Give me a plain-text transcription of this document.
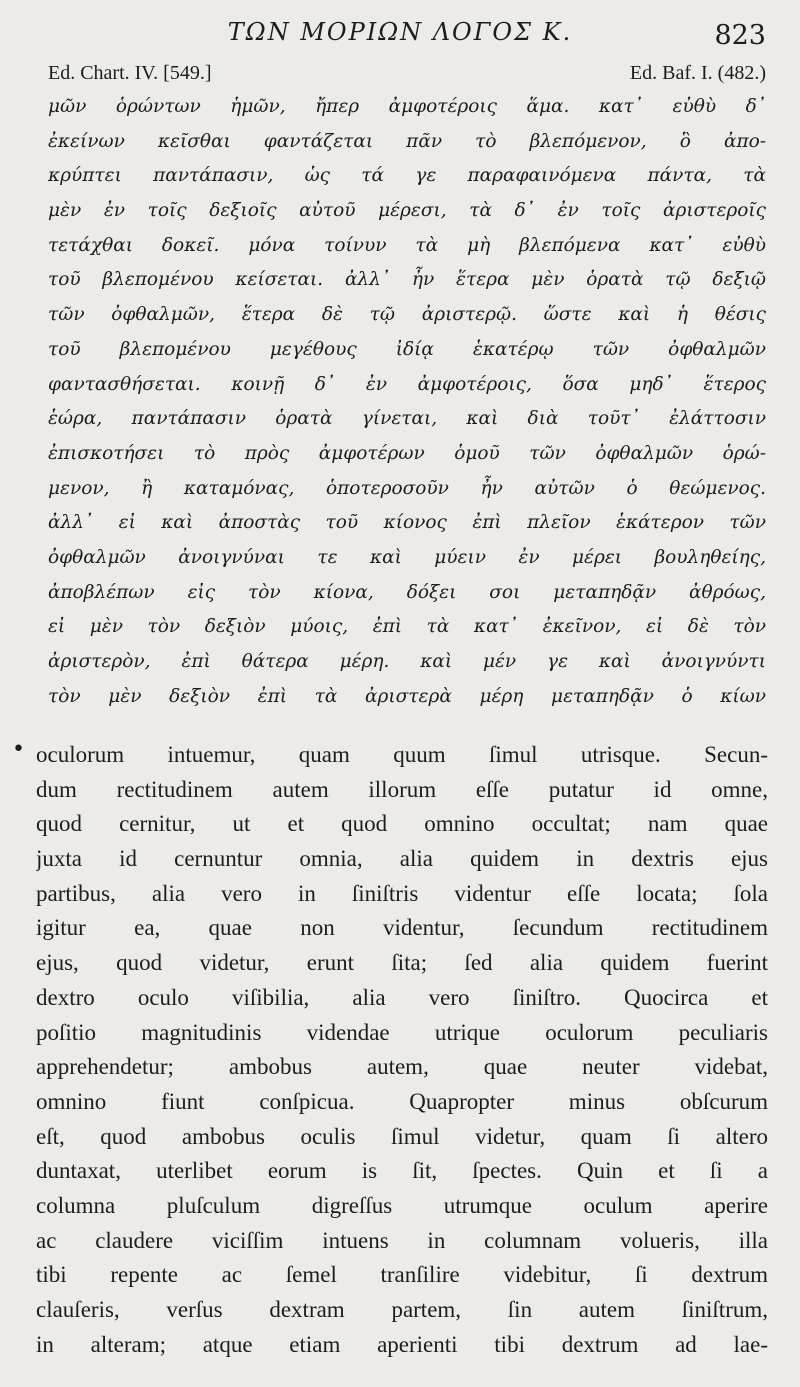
ΤΩΝ ΜΟΡΙΩΝ ΛΟΓΟΣ Κ.	823
Ed. Chart. IV. [549.]	Ed. Baf. I. (482.)
μῶν ὁρώντων ἡμῶν, ἤπερ ἀμφοτέροις ἅμα. κατ᾿ εὐθὺ δ᾿
ἐκείνων κεῖσθαι φαντάζεται πᾶν τὸ βλεπόμενον, ὃ ἀπο-
κρύπτει παντάπασιν, ὡς τά γε παραφαινόμενα πάντα, τὰ
μὲν ἐν τοῖς δεξιοῖς αὐτοῦ μέρεσι, τὰ δ᾿ ἐν τοῖς ἀριστεροῖς
τετάχθαι δοκεῖ. μόνα τοίνυν τὰ μὴ βλεπόμενα κατ᾿ εὐθὺ
τοῦ βλεπομένου κείσεται. ἀλλ᾿ ἦν ἕτερα μὲν ὁρατὰ τῷ δεξιῷ
τῶν ὀφθαλμῶν, ἕτερα δὲ τῷ ἀριστερῷ. ὥστε καὶ ἡ θέσις
τοῦ βλεπομένου μεγέθους ἰδίᾳ ἑκατέρῳ τῶν ὀφθαλμῶν
φαντασθήσεται. κοινῇ δ᾿ ἐν ἀμφοτέροις, ὅσα μηδ᾿ ἕτερος
ἑώρα, παντάπασιν ὁρατὰ γίνεται, καὶ διὰ τοῦτ᾿ ἐλάττοσιν
ἐπισκοτήσει τὸ πρὸς ἀμφοτέρων ὁμοῦ τῶν ὀφθαλμῶν ὁρώ-
μενον, ἢ καταμόνας, ὁποτεροσοῦν ἦν αὐτῶν ὁ θεώμενος.
ἀλλ᾿ εἰ καὶ ἀποστὰς τοῦ κίονος ἐπὶ πλεῖον ἑκάτερον τῶν
ὀφθαλμῶν ἀνοιγνύναι τε καὶ μύειν ἐν μέρει βουληθείης,
ἀποβλέπων εἰς τὸν κίονα, δόξει σοι μεταπηδᾷν ἀθρόως,
εἰ μὲν τὸν δεξιὸν μύοις, ἐπὶ τὰ κατ᾿ ἐκεῖνον, εἰ δὲ τὸν
ἀριστερὸν, ἐπὶ θάτερα μέρη. καὶ μέν γε καὶ ἀνοιγνύντι
τὸν μὲν δεξιὸν ἐπὶ τὰ ἀριστερὰ μέρη μεταπηδᾷν ὁ κίων
• oculorum intuemur, quam quum ſimul utrisque. Secun-
dum rectitudinem autem illorum eſſe putatur id omne,
quod cernitur, ut et quod omnino occultat; nam quae
juxta id cernuntur omnia, alia quidem in dextris ejus
partibus, alia vero in ſiniſtris videntur eſſe locata; ſola
igitur ea, quae non videntur, ſecundum rectitudinem
ejus, quod videtur, erunt ſita; ſed alia quidem fuerint
dextro oculo viſibilia, alia vero ſiniſtro. Quocirca et
poſitio magnitudinis videndae utrique oculorum peculiaris
apprehendetur; ambobus autem, quae neuter videbat,
omnino fiunt conſpicua. Quaproрter minus obſcurum
eſt, quod ambobus oculis ſimul videtur, quam ſi altero
duntaxat, uterlibet eorum is ſit, ſpectes. Quin et ſi a
columna pluſculum digreſſus utrumque oculum aperire
ac claudere viciſſim intuens in columnam volueris, illa
tibi repente ac ſemel tranſilire videbitur, ſi dextrum
clauſeris, verſus dextram partem, ſin autem ſiniſtrum,
in alteram; atque etiam aperienti tibi dextrum ad lae-
